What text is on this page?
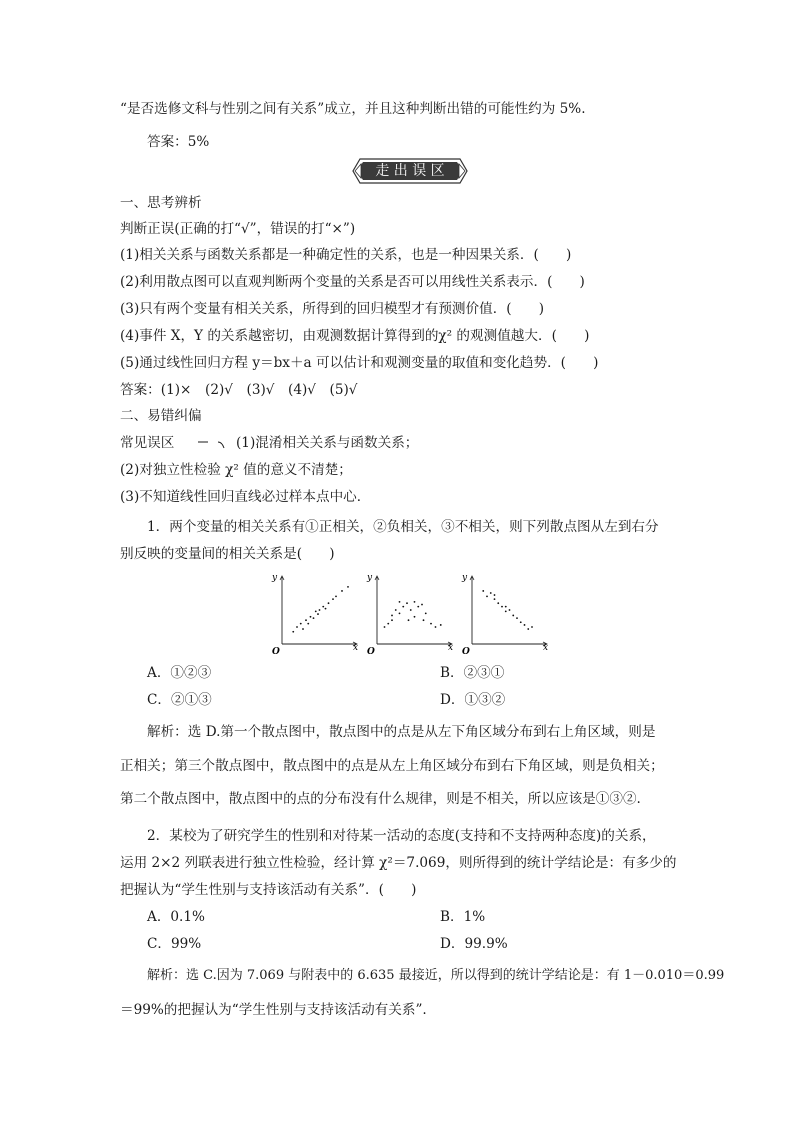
“是否选修文科与性别之间有关系”成立，并且这种判断出错的可能性约为 5%.
答案：5%
走 出 误 区
一、思考辨析
判断正误(正确的打“√”，错误的打“×”)
(1)相关关系与函数关系都是一种确定性的关系，也是一种因果关系．(　　)
(2)利用散点图可以直观判断两个变量的关系是否可以用线性关系表示．(　　)
(3)只有两个变量有相关关系，所得到的回归模型才有预测价值．(　　)
(4)事件 X，Y 的关系越密切，由观测数据计算得到的χ² 的观测值越大．(　　)
(5)通过线性回归方程 y＝bx＋a 可以估计和观测变量的取值和变化趋势．(　　)
答案：(1)×　(2)√　(3)√　(4)√　(5)√
二、易错纠偏
常见误区	(1)混淆相关关系与函数关系；
(2)对独立性检验 χ² 值的意义不清楚；
(3)不知道线性回归直线必过样本点中心．
1．两个变量的相关关系有①正相关，②负相关，③不相关，则下列散点图从左到右分
别反映的变量间的相关关系是(　　)
y
x
O
y
x
O
y
x
O
A．①②③	B．②③①
C．②①③	D．①③②
解析：选 D.第一个散点图中，散点图中的点是从左下角区域分布到右上角区域，则是
正相关；第三个散点图中，散点图中的点是从左上角区域分布到右下角区域，则是负相关；
第二个散点图中，散点图中的点的分布没有什么规律，则是不相关，所以应该是①③②.
2．某校为了研究学生的性别和对待某一活动的态度(支持和不支持两种态度)的关系，
运用 2×2 列联表进行独立性检验，经计算 χ²＝7.069，则所得到的统计学结论是：有多少的
把握认为“学生性别与支持该活动有关系”．(　　)
A．0.1%	B．1%
C．99%	D．99.9%
解析：选 C.因为 7.069 与附表中的 6.635 最接近，所以得到的统计学结论是：有 1－0.010＝0.99
＝99%的把握认为“学生性别与支持该活动有关系”.
